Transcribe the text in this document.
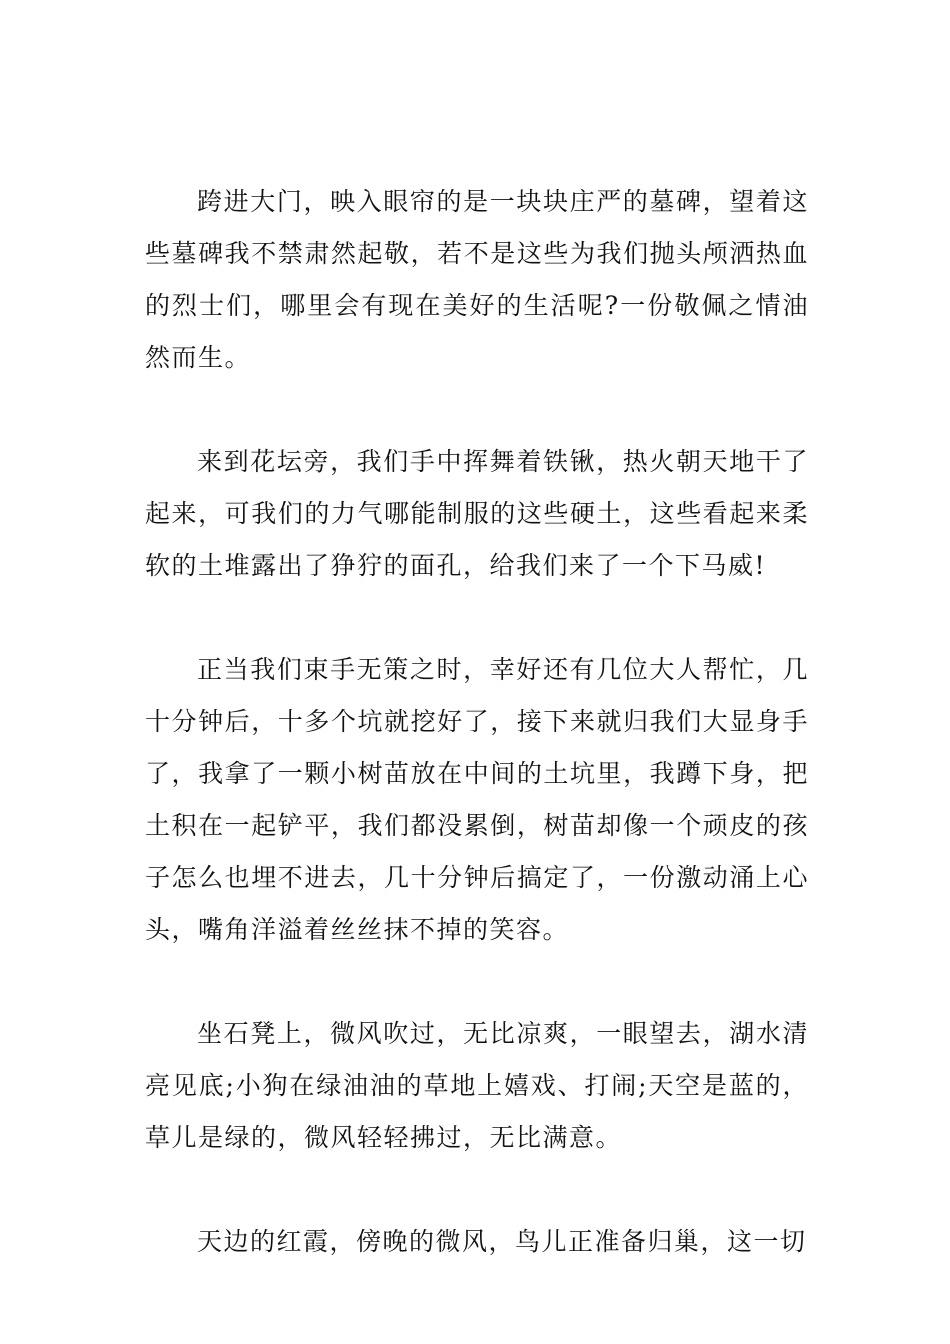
跨进大门，映入眼帘的是一块块庄严的墓碑，望着这些墓碑我不禁肃然起敬，若不是这些为我们抛头颅洒热血的烈士们，哪里会有现在美好的生活呢?一份敬佩之情油然而生。

来到花坛旁，我们手中挥舞着铁锹，热火朝天地干了起来，可我们的力气哪能制服的这些硬土，这些看起来柔软的土堆露出了狰狞的面孔，给我们来了一个下马威!

正当我们束手无策之时，幸好还有几位大人帮忙，几十分钟后，十多个坑就挖好了，接下来就归我们大显身手了，我拿了一颗小树苗放在中间的土坑里，我蹲下身，把土积在一起铲平，我们都没累倒，树苗却像一个顽皮的孩子怎么也埋不进去，几十分钟后搞定了，一份激动涌上心头，嘴角洋溢着丝丝抹不掉的笑容。

坐石凳上，微风吹过，无比凉爽，一眼望去，湖水清亮见底;小狗在绿油油的草地上嬉戏、打闹;天空是蓝的，草儿是绿的，微风轻轻拂过，无比满意。

天边的红霞，傍晚的微风，鸟儿正准备归巢，这一切
